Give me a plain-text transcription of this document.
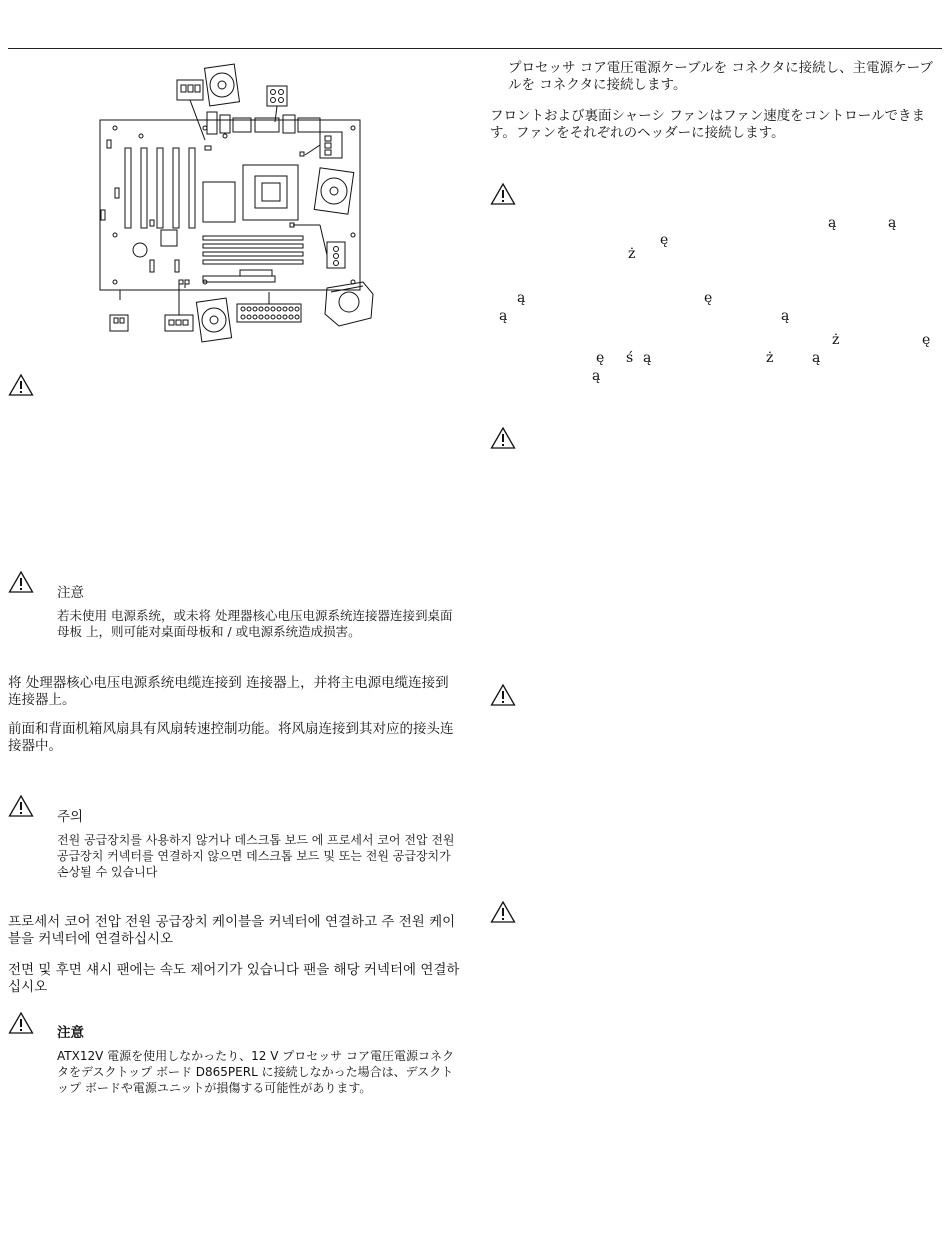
注意
若未使用 电源系统，或未将 处理器核心电压电源系统连接器连接到桌面母板 上，则可能对桌面母板和 / 或电源系统造成损害。
将 处理器核心电压电源系统电缆连接到 连接器上，并将主电源电缆连接到 连接器上。
前面和背面机箱风扇具有风扇转速控制功能。将风扇连接到其对应的接头连接器中。
주의
전원 공급장치를 사용하지 않거나 데스크톱 보드 에 프로세서 코어 전압 전원 공급장치 커넥터를 연결하지 않으면 데스크톱 보드 및 또는 전원 공급장치가 손상될 수 있습니다
프로세서 코어 전압 전원 공급장치 케이블을 커넥터에 연결하고 주 전원 케이블을 커넥터에 연결하십시오
전면 및 후면 섀시 팬에는 속도 제어기가 있습니다 팬을 해당 커넥터에 연결하십시오
注意
ATX12V 電源を使用しなかったり、12 V プロセッサ コア電圧電源コネクタをデスクトップ ボード D865PERL に接続しなかった場合は、デスクトップ ボードや電源ユニットが損傷する可能性があります。
プロセッサ コア電圧電源ケーブルを コネクタに接続し、主電源ケーブルを コネクタに接続します。
フロントおよび裏面シャーシ ファンはファン速度をコントロールできます。ファンをそれぞれのヘッダーに接続します。
ą	ą
ę
ż
ą	ę
ą	ą
ż	ę
ę ś ą	ż	ą
ą
